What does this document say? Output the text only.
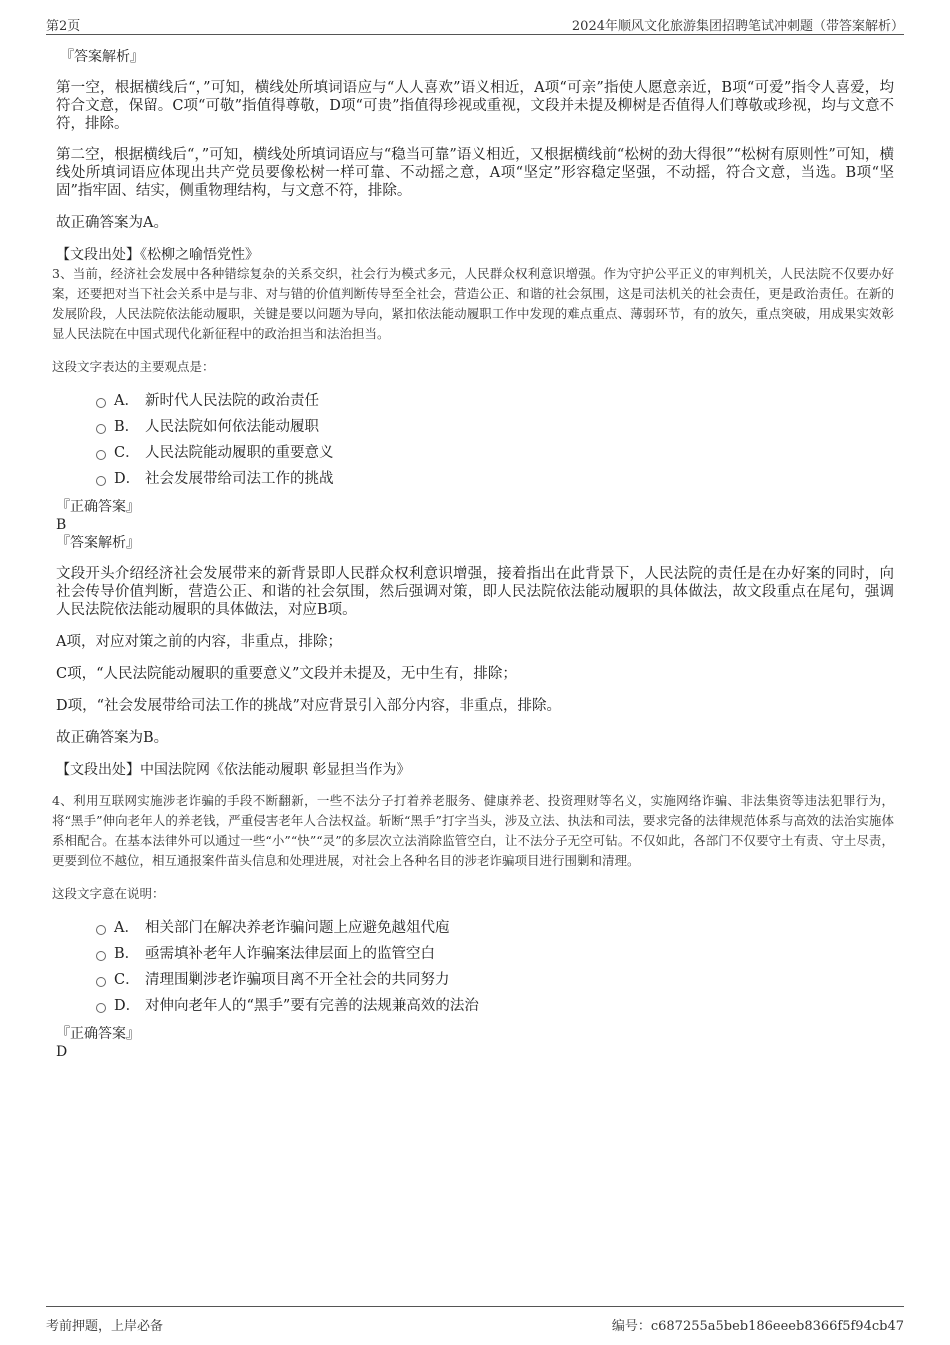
第2页	2024年顺风文化旅游集团招聘笔试冲刺题（带答案解析）

『答案解析』

第一空，根据横线后“，”可知，横线处所填词语应与“人人喜欢”语义相近，A项“可亲”指使人愿意亲近，B项“可爱”指令人喜爱，均符合文意，保留。C项“可敬”指值得尊敬，D项“可贵”指值得珍视或重视，文段并未提及柳树是否值得人们尊敬或珍视，均与文意不符，排除。

第二空，根据横线后“，”可知，横线处所填词语应与“稳当可靠”语义相近，又根据横线前“松树的劲大得很”“松树有原则性”可知，横线处所填词语应体现出共产党员要像松树一样可靠、不动摇之意，A项“坚定”形容稳定坚强，不动摇，符合文意，当选。B项“坚固”指牢固、结实，侧重物理结构，与文意不符，排除。

故正确答案为A。

【文段出处】《松柳之喻悟党性》

3、当前，经济社会发展中各种错综复杂的关系交织，社会行为模式多元，人民群众权利意识增强。作为守护公平正义的审判机关，人民法院不仅要办好案，还要把对当下社会关系中是与非、对与错的价值判断传导至全社会，营造公正、和谐的社会氛围，这是司法机关的社会责任，更是政治责任。在新的发展阶段，人民法院依法能动履职，关键是要以问题为导向，紧扣依法能动履职工作中发现的难点重点、薄弱环节，有的放矢，重点突破，用成果实效彰显人民法院在中国式现代化新征程中的政治担当和法治担当。

这段文字表达的主要观点是：

A． 新时代人民法院的政治责任
B． 人民法院如何依法能动履职
C． 人民法院能动履职的重要意义
D． 社会发展带给司法工作的挑战

『正确答案』

B

『答案解析』

文段开头介绍经济社会发展带来的新背景即人民群众权利意识增强，接着指出在此背景下，人民法院的责任是在办好案的同时，向社会传导价值判断，营造公正、和谐的社会氛围，然后强调对策，即人民法院依法能动履职的具体做法，故文段重点在尾句，强调人民法院依法能动履职的具体做法，对应B项。

A项，对应对策之前的内容，非重点，排除；

C项，“人民法院能动履职的重要意义”文段并未提及，无中生有，排除；

D项，“社会发展带给司法工作的挑战”对应背景引入部分内容，非重点，排除。

故正确答案为B。

【文段出处】中国法院网《依法能动履职 彰显担当作为》

4、利用互联网实施涉老诈骗的手段不断翻新，一些不法分子打着养老服务、健康养老、投资理财等名义，实施网络诈骗、非法集资等违法犯罪行为，将“黑手”伸向老年人的养老钱，严重侵害老年人合法权益。斩断“黑手”打字当头，涉及立法、执法和司法，要求完备的法律规范体系与高效的法治实施体系相配合。在基本法律外可以通过一些“小”“快”“灵”的多层次立法消除监管空白，让不法分子无空可钻。不仅如此，各部门不仅要守土有责、守土尽责，更要到位不越位，相互通报案件苗头信息和处理进展，对社会上各种名目的涉老诈骗项目进行围剿和清理。

这段文字意在说明：

A． 相关部门在解决养老诈骗问题上应避免越俎代庖
B． 亟需填补老年人诈骗案法律层面上的监管空白
C． 清理围剿涉老诈骗项目离不开全社会的共同努力
D． 对伸向老年人的“黑手”要有完善的法规兼高效的法治

『正确答案』

D

考前押题，上岸必备	编号：c687255a5beb186eeeb8366f5f94cb47
